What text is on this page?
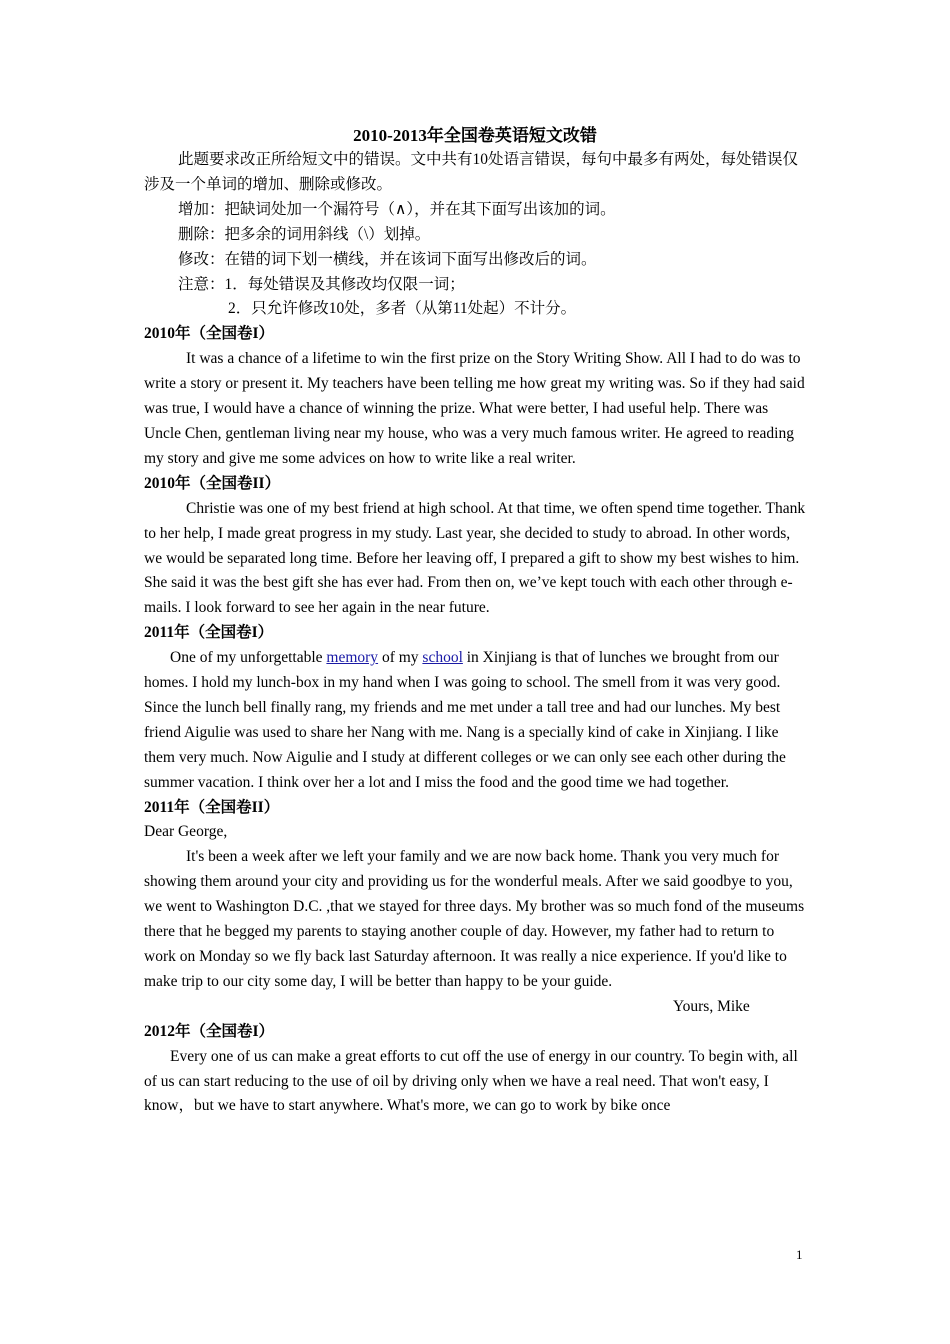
2010-2013年全国卷英语短文改错

此题要求改正所给短文中的错误。文中共有10处语言错误，每句中最多有两处，每处错误仅涉及一个单词的增加、删除或修改。

增加：把缺词处加一个漏符号（∧），并在其下面写出该加的词。

删除：把多余的词用斜线（\）划掉。

修改：在错的词下划一横线，并在该词下面写出修改后的词。

注意：1．每处错误及其修改均仅限一词；

2．只允许修改10处，多者（从第11处起）不计分。

2010年（全国卷I）

It was a chance of a lifetime to win the first prize on the Story Writing Show. All I had to do was to write a story or present it. My teachers have been telling me how great my writing was. So if they had said was true, I would have a chance of winning the prize. What were better, I had useful help. There was Uncle Chen, gentleman living near my house, who was a very much famous writer. He agreed to reading my story and give me some advices on how to write like a real writer.

2010年（全国卷II）

Christie was one of my best friend at high school. At that time, we often spend time together. Thank to her help, I made great progress in my study. Last year, she decided to study to abroad. In other words, we would be separated long time. Before her leaving off, I prepared a gift to show my best wishes to him. She said it was the best gift she has ever had. From then on, we’ve kept touch with each other through e-mails. I look forward to see her again in the near future.

2011年（全国卷I）

One of my unforgettable memory of my school in Xinjiang is that of lunches we brought from our homes. I hold my lunch-box in my hand when I was going to school. The smell from it was very good. Since the lunch bell finally rang, my friends and me met under a tall tree and had our lunches. My best friend Aigulie was used to share her Nang with me. Nang is a specially kind of cake in Xinjiang. I like them very much. Now Aigulie and I study at different colleges or we can only see each other during the summer vacation. I think over her a lot and I miss the food and the good time we had together.

2011年（全国卷II）

Dear George,

It's been a week after we left your family and we are now back home. Thank you very much for showing them around your city and providing us for the wonderful meals. After we said goodbye to you, we went to Washington D.C. ,that we stayed for three days. My brother was so much fond of the museums there that he begged my parents to staying another couple of day. However, my father had to return to work on Monday so we fly back last Saturday afternoon. It was really a nice experience. If you'd like to make trip to our city some day, I will be better than happy to be your guide.

Yours, Mike

2012年（全国卷I）

Every one of us can make a great efforts to cut off the use of energy in our country. To begin with, all of us can start reducing to the use of oil by driving only when we have a real need. That won't easy, I know，but we have to start anywhere. What's more, we can go to work by bike once

1
